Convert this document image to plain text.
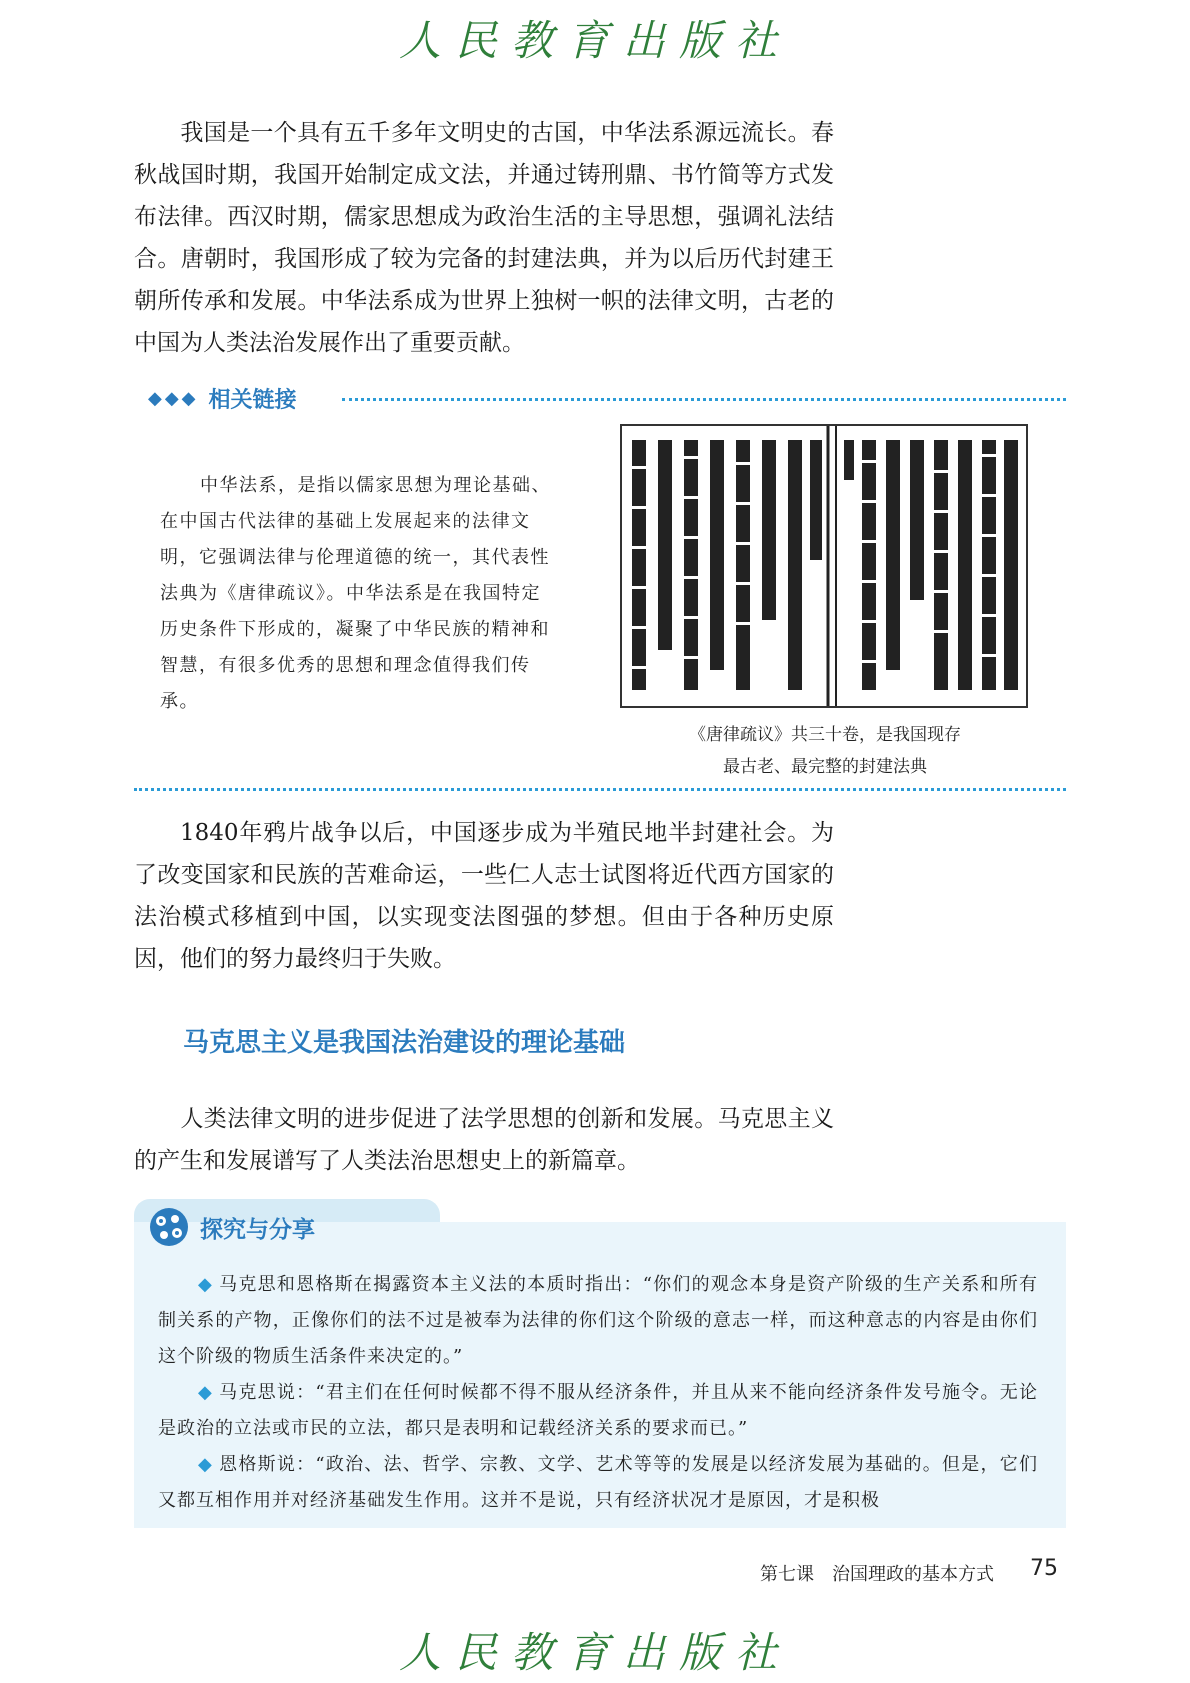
人民教育出版社

我国是一个具有五千多年文明史的古国，中华法系源远流长。春秋战国时期，我国开始制定成文法，并通过铸刑鼎、书竹简等方式发布法律。西汉时期，儒家思想成为政治生活的主导思想，强调礼法结合。唐朝时，我国形成了较为完备的封建法典，并为以后历代封建王朝所传承和发展。中华法系成为世界上独树一帜的法律文明，古老的中国为人类法治发展作出了重要贡献。

◆◆◆ 相关链接

中华法系，是指以儒家思想为理论基础、在中国古代法律的基础上发展起来的法律文明，它强调法律与伦理道德的统一，其代表性法典为《唐律疏议》。中华法系是在我国特定历史条件下形成的，凝聚了中华民族的精神和智慧，有很多优秀的思想和理念值得我们传承。

《唐律疏议》共三十卷，是我国现存
最古老、最完整的封建法典

1840年鸦片战争以后，中国逐步成为半殖民地半封建社会。为了改变国家和民族的苦难命运，一些仁人志士试图将近代西方国家的法治模式移植到中国，以实现变法图强的梦想。但由于各种历史原因，他们的努力最终归于失败。

马克思主义是我国法治建设的理论基础

人类法律文明的进步促进了法学思想的创新和发展。马克思主义的产生和发展谱写了人类法治思想史上的新篇章。

探究与分享

◆ 马克思和恩格斯在揭露资本主义法的本质时指出：“你们的观念本身是资产阶级的生产关系和所有制关系的产物，正像你们的法不过是被奉为法律的你们这个阶级的意志一样，而这种意志的内容是由你们这个阶级的物质生活条件来决定的。”

◆ 马克思说：“君主们在任何时候都不得不服从经济条件，并且从来不能向经济条件发号施令。无论是政治的立法或市民的立法，都只是表明和记载经济关系的要求而已。”

◆ 恩格斯说：“政治、法、哲学、宗教、文学、艺术等等的发展是以经济发展为基础的。但是，它们又都互相作用并对经济基础发生作用。这并不是说，只有经济状况才是原因，才是积极

第七课　治国理政的基本方式 75
人民教育出版社
